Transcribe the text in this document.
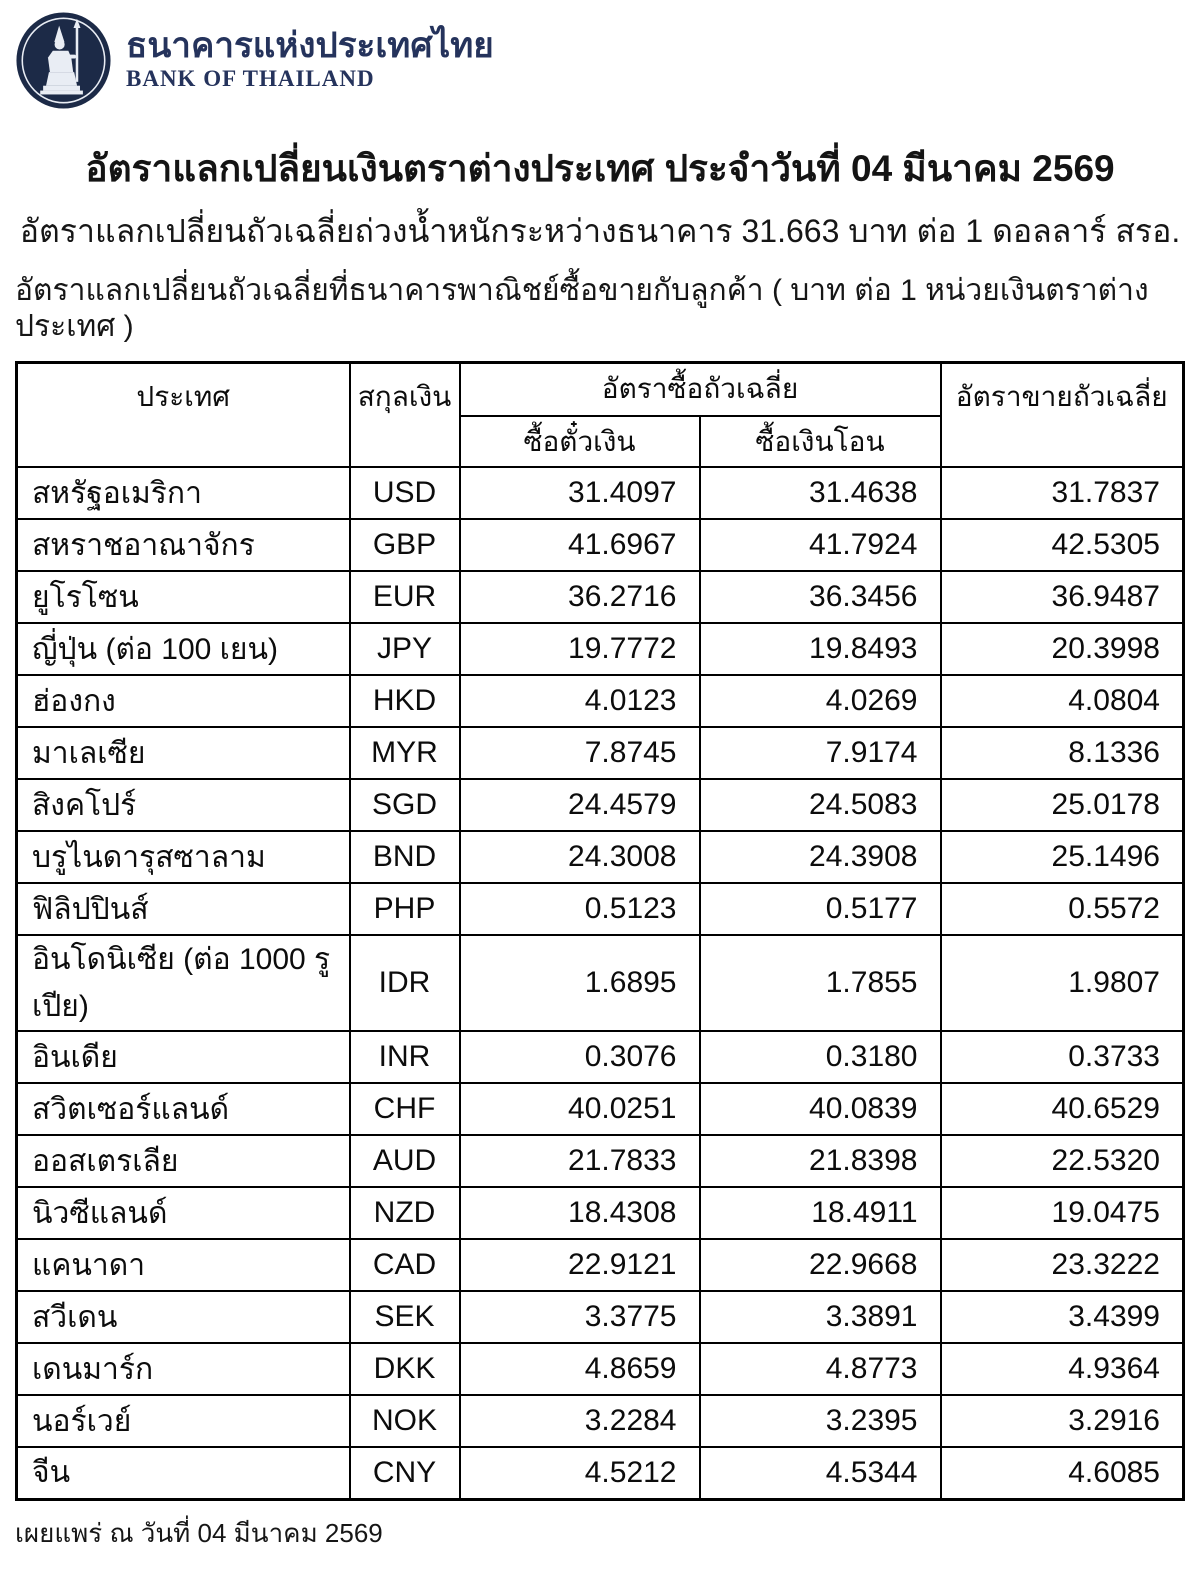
ธนาคารแห่งประเทศไทย
BANK OF THAILAND
อัตราแลกเปลี่ยนเงินตราต่างประเทศ ประจำวันที่ 04 มีนาคม 2569
อัตราแลกเปลี่ยนถัวเฉลี่ยถ่วงน้ำหนักระหว่างธนาคาร 31.663 บาท ต่อ 1 ดอลลาร์ สรอ.
อัตราแลกเปลี่ยนถัวเฉลี่ยที่ธนาคารพาณิชย์ซื้อขายกับลูกค้า ( บาท ต่อ 1 หน่วยเงินตราต่างประเทศ )
ประเทศ	สกุลเงิน	อัตราซื้อถัวเฉลี่ย		อัตราขายถัวเฉลี่ย
		ซื้อตั๋วเงิน	ซื้อเงินโอน	
สหรัฐอเมริกา	USD	31.4097	31.4638	31.7837
สหราชอาณาจักร	GBP	41.6967	41.7924	42.5305
ยูโรโซน	EUR	36.2716	36.3456	36.9487
ญี่ปุ่น (ต่อ 100 เยน)	JPY	19.7772	19.8493	20.3998
ฮ่องกง	HKD	4.0123	4.0269	4.0804
มาเลเซีย	MYR	7.8745	7.9174	8.1336
สิงคโปร์	SGD	24.4579	24.5083	25.0178
บรูไนดารุสซาลาม	BND	24.3008	24.3908	25.1496
ฟิลิปปินส์	PHP	0.5123	0.5177	0.5572
อินโดนิเซีย (ต่อ 1000 รูเปีย)	IDR	1.6895	1.7855	1.9807
อินเดีย	INR	0.3076	0.3180	0.3733
สวิตเซอร์แลนด์	CHF	40.0251	40.0839	40.6529
ออสเตรเลีย	AUD	21.7833	21.8398	22.5320
นิวซีแลนด์	NZD	18.4308	18.4911	19.0475
แคนาดา	CAD	22.9121	22.9668	23.3222
สวีเดน	SEK	3.3775	3.3891	3.4399
เดนมาร์ก	DKK	4.8659	4.8773	4.9364
นอร์เวย์	NOK	3.2284	3.2395	3.2916
จีน	CNY	4.5212	4.5344	4.6085
เผยแพร่ ณ วันที่ 04 มีนาคม 2569
